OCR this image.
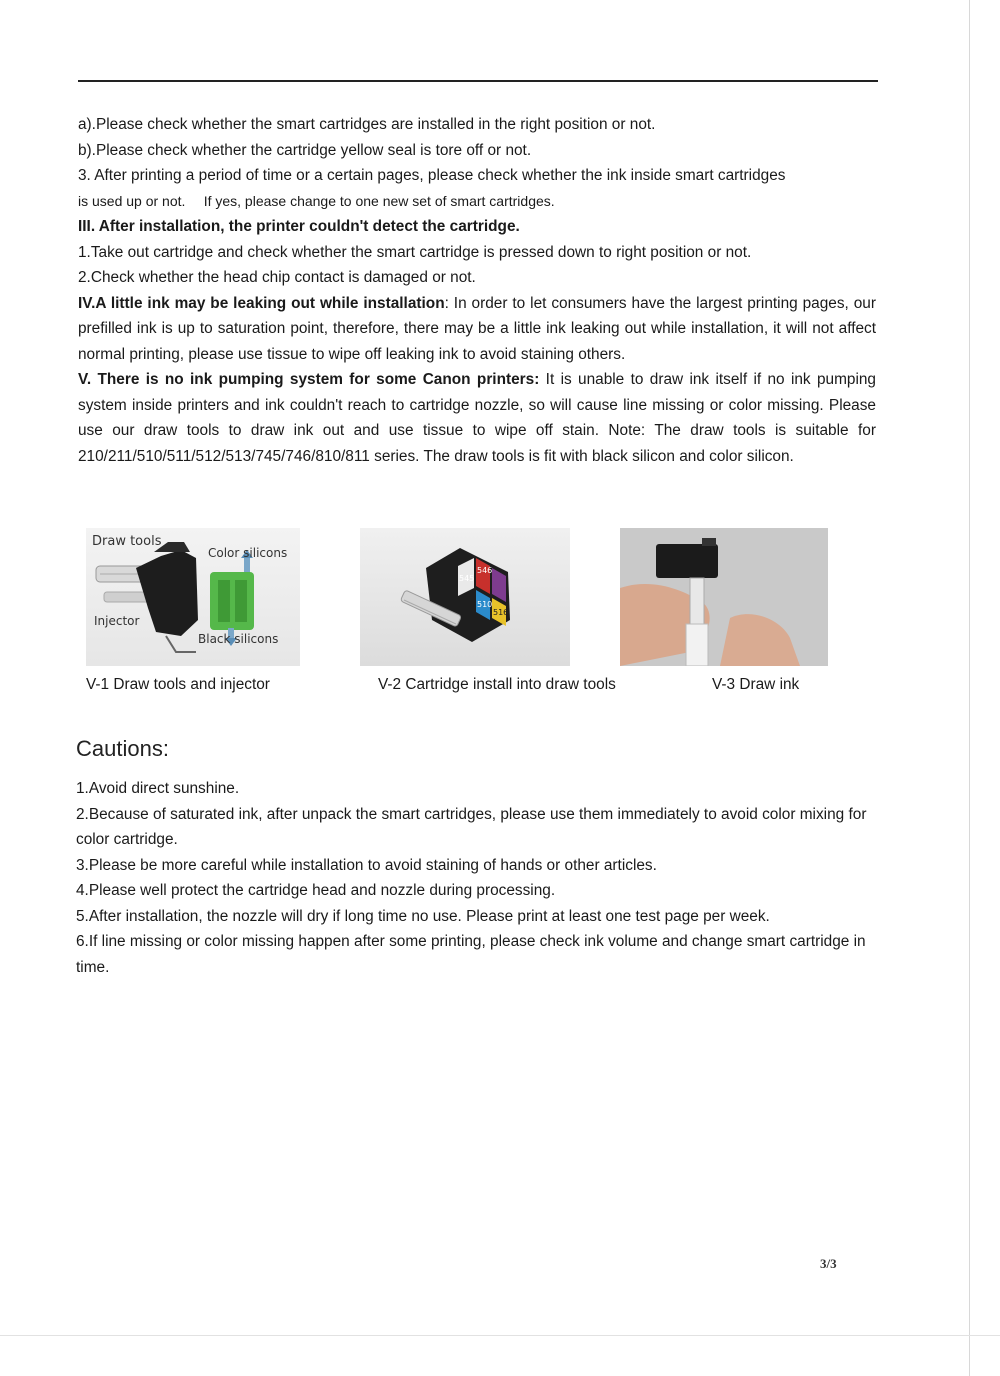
a).Please check whether the smart cartridges are installed in the right position or not.

b).Please check whether the cartridge yellow seal is tore off or not.

3. After printing a period of time or a certain pages, please check whether the ink inside smart cartridges

is used up or not. If yes, please change to one new set of smart cartridges.

III. After installation, the printer couldn't detect the cartridge.

1.Take out cartridge and check whether the smart cartridge is pressed down to right position or not.

2.Check whether the head chip contact is damaged or not.

IV.A little ink may be leaking out while installation: In order to let consumers have the largest printing pages, our prefilled ink is up to saturation point, therefore, there may be a little ink leaking out while installation, it will not affect normal printing, please use tissue to wipe off leaking ink to avoid staining others.

V. There is no ink pumping system for some Canon printers: It is unable to draw ink itself if no ink pumping system inside printers and ink couldn't reach to cartridge nozzle, so will cause line missing or color missing. Please use our draw tools to draw ink out and use tissue to wipe off stain. Note: The draw tools is suitable for 210/211/510/511/512/513/745/746/810/811 series. The draw tools is fit with black silicon and color silicon.

Draw tools
Color silicons
Injector
Black silicons
545
546
510
516
V-1 Draw tools and injector	V-2 Cartridge install into draw tools	V-3 Draw ink
Cautions:
1.Avoid direct sunshine.
2.Because of saturated ink, after unpack the smart cartridges, please use them immediately to avoid color mixing for color cartridge.
3.Please be more careful while installation to avoid staining of hands or other articles.
4.Please well protect the cartridge head and nozzle during processing.
5.After installation, the nozzle will dry if long time no use. Please print at least one test page per week.
6.If line missing or color missing happen after some printing, please check ink volume and change smart cartridge in time.
3/3
